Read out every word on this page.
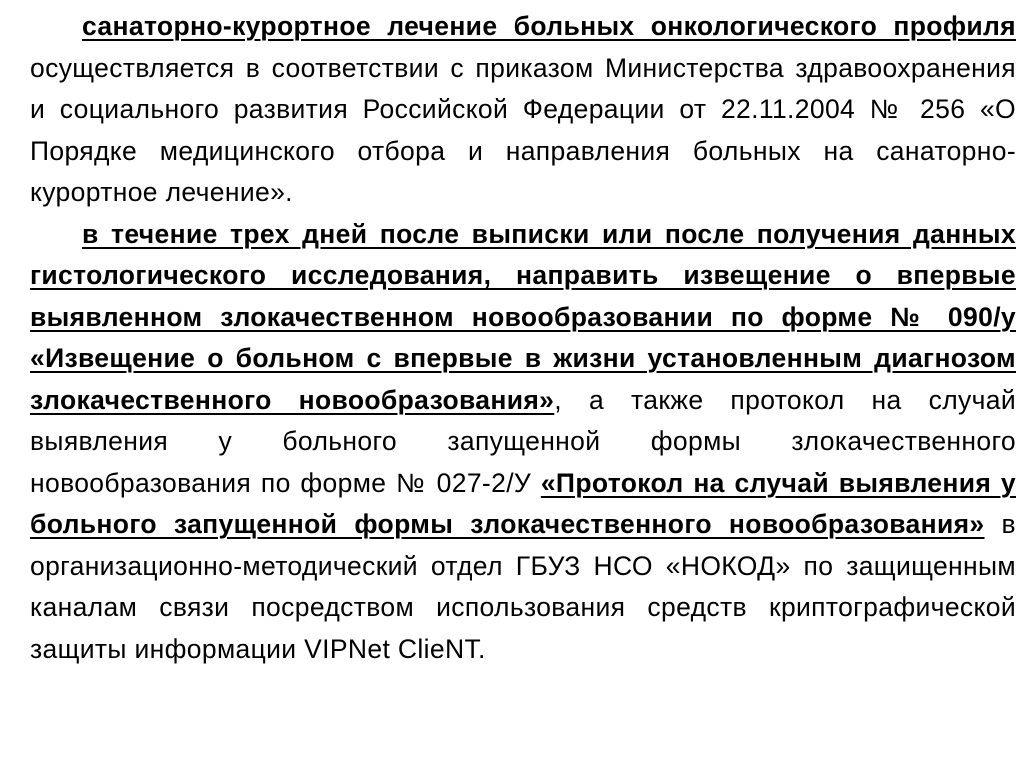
санаторно-курортное лечение больных онкологического профиля осуществляется в соответствии с приказом Министерства здравоохранения и социального развития Российской Федерации от 22.11.2004 № 256 «О Порядке медицинского отбора и направления больных на санаторно-курортное лечение».

в течение трех дней после выписки или после получения данных гистологического исследования, направить извещение о впервые выявленном злокачественном новообразовании по форме № 090/у «Извещение о больном с впервые в жизни установленным диагнозом злокачественного новообразования», а также протокол на случай выявления у больного запущенной формы злокачественного новообразования по форме № 027-2/У «Протокол на случай выявления у больного запущенной формы злокачественного новообразования» в организационно-методический отдел ГБУЗ НСО «НОКОД» по защищенным каналам связи посредством использования средств криптографической защиты информации VIPNet ClieNT.
